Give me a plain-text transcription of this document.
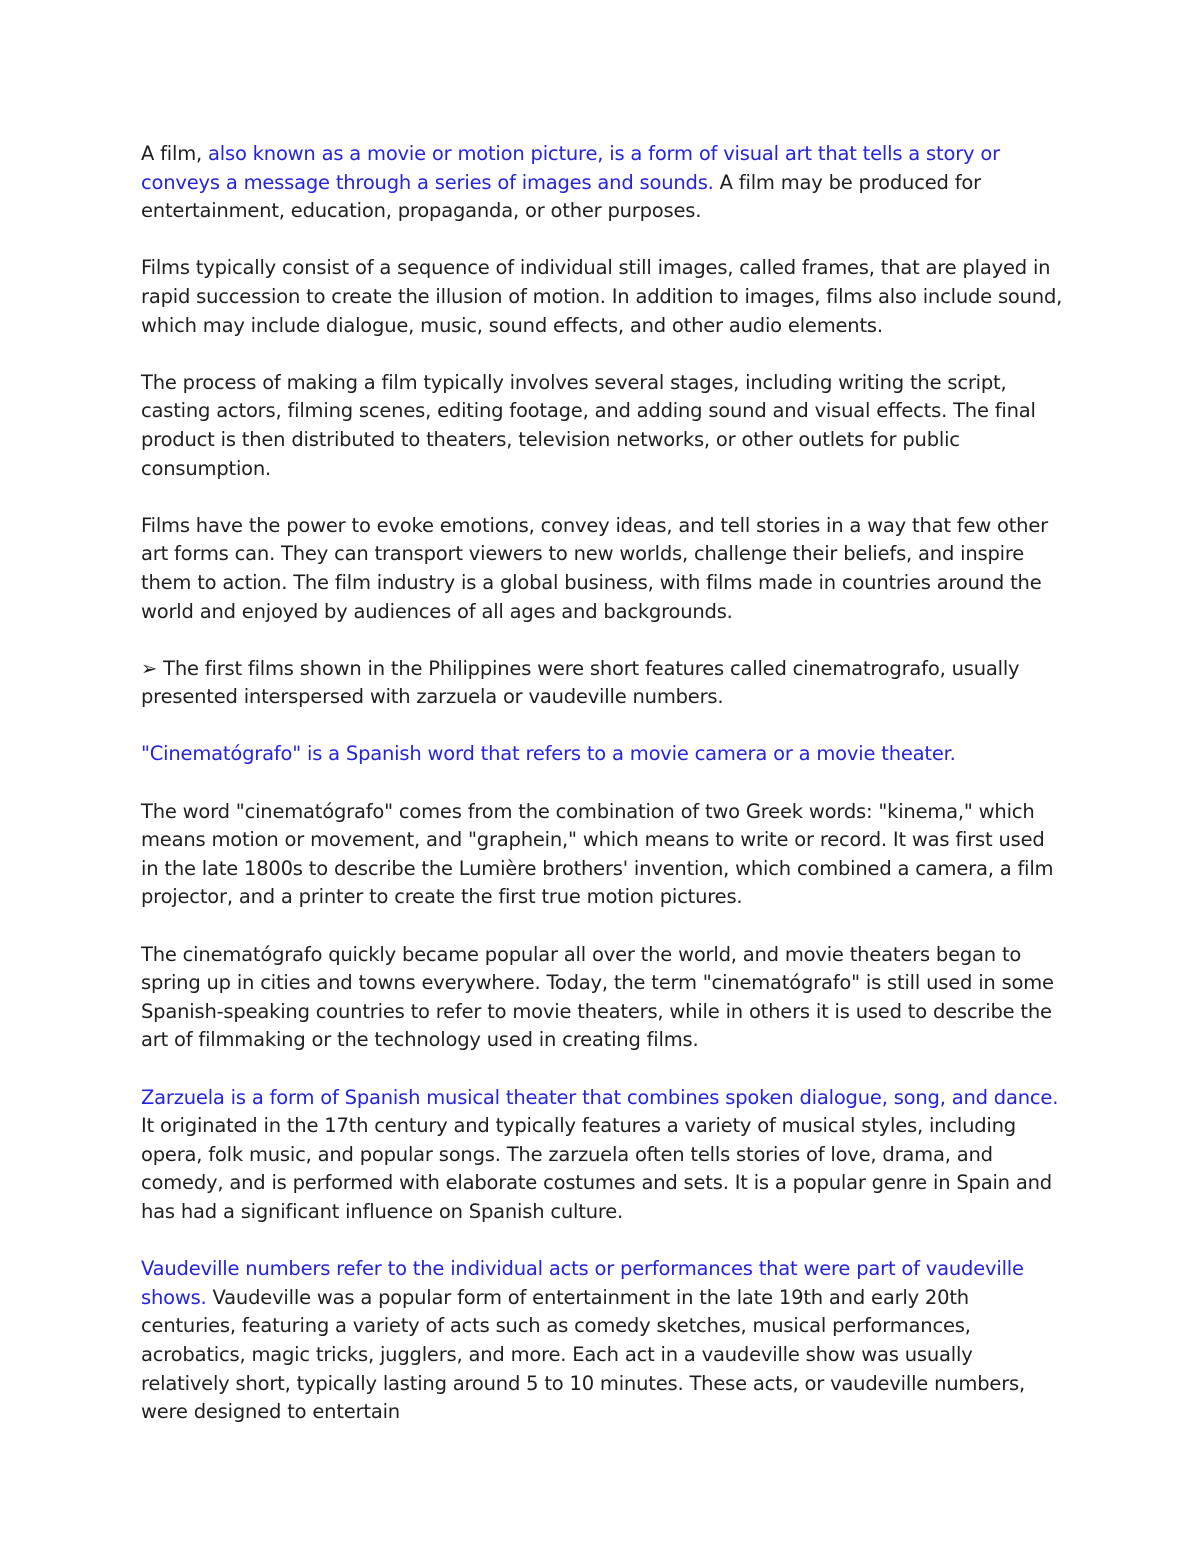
A film, also known as a movie or motion picture, is a form of visual art that tells a story or conveys a message through a series of images and sounds. A film may be produced for entertainment, education, propaganda, or other purposes.

Films typically consist of a sequence of individual still images, called frames, that are played in rapid succession to create the illusion of motion. In addition to images, films also include sound, which may include dialogue, music, sound effects, and other audio elements.

The process of making a film typically involves several stages, including writing the script, casting actors, filming scenes, editing footage, and adding sound and visual effects. The final product is then distributed to theaters, television networks, or other outlets for public consumption.

Films have the power to evoke emotions, convey ideas, and tell stories in a way that few other art forms can. They can transport viewers to new worlds, challenge their beliefs, and inspire them to action. The film industry is a global business, with films made in countries around the world and enjoyed by audiences of all ages and backgrounds.

➢ The first films shown in the Philippines were short features called cinematrografo, usually presented interspersed with zarzuela or vaudeville numbers.

"Cinematógrafo" is a Spanish word that refers to a movie camera or a movie theater.

The word "cinematógrafo" comes from the combination of two Greek words: "kinema," which means motion or movement, and "graphein," which means to write or record. It was first used in the late 1800s to describe the Lumière brothers' invention, which combined a camera, a film projector, and a printer to create the first true motion pictures.

The cinematógrafo quickly became popular all over the world, and movie theaters began to spring up in cities and towns everywhere. Today, the term "cinematógrafo" is still used in some Spanish-speaking countries to refer to movie theaters, while in others it is used to describe the art of filmmaking or the technology used in creating films.

Zarzuela is a form of Spanish musical theater that combines spoken dialogue, song, and dance. It originated in the 17th century and typically features a variety of musical styles, including opera, folk music, and popular songs. The zarzuela often tells stories of love, drama, and comedy, and is performed with elaborate costumes and sets. It is a popular genre in Spain and has had a significant influence on Spanish culture.

Vaudeville numbers refer to the individual acts or performances that were part of vaudeville shows. Vaudeville was a popular form of entertainment in the late 19th and early 20th centuries, featuring a variety of acts such as comedy sketches, musical performances, acrobatics, magic tricks, jugglers, and more. Each act in a vaudeville show was usually relatively short, typically lasting around 5 to 10 minutes. These acts, or vaudeville numbers, were designed to entertain
